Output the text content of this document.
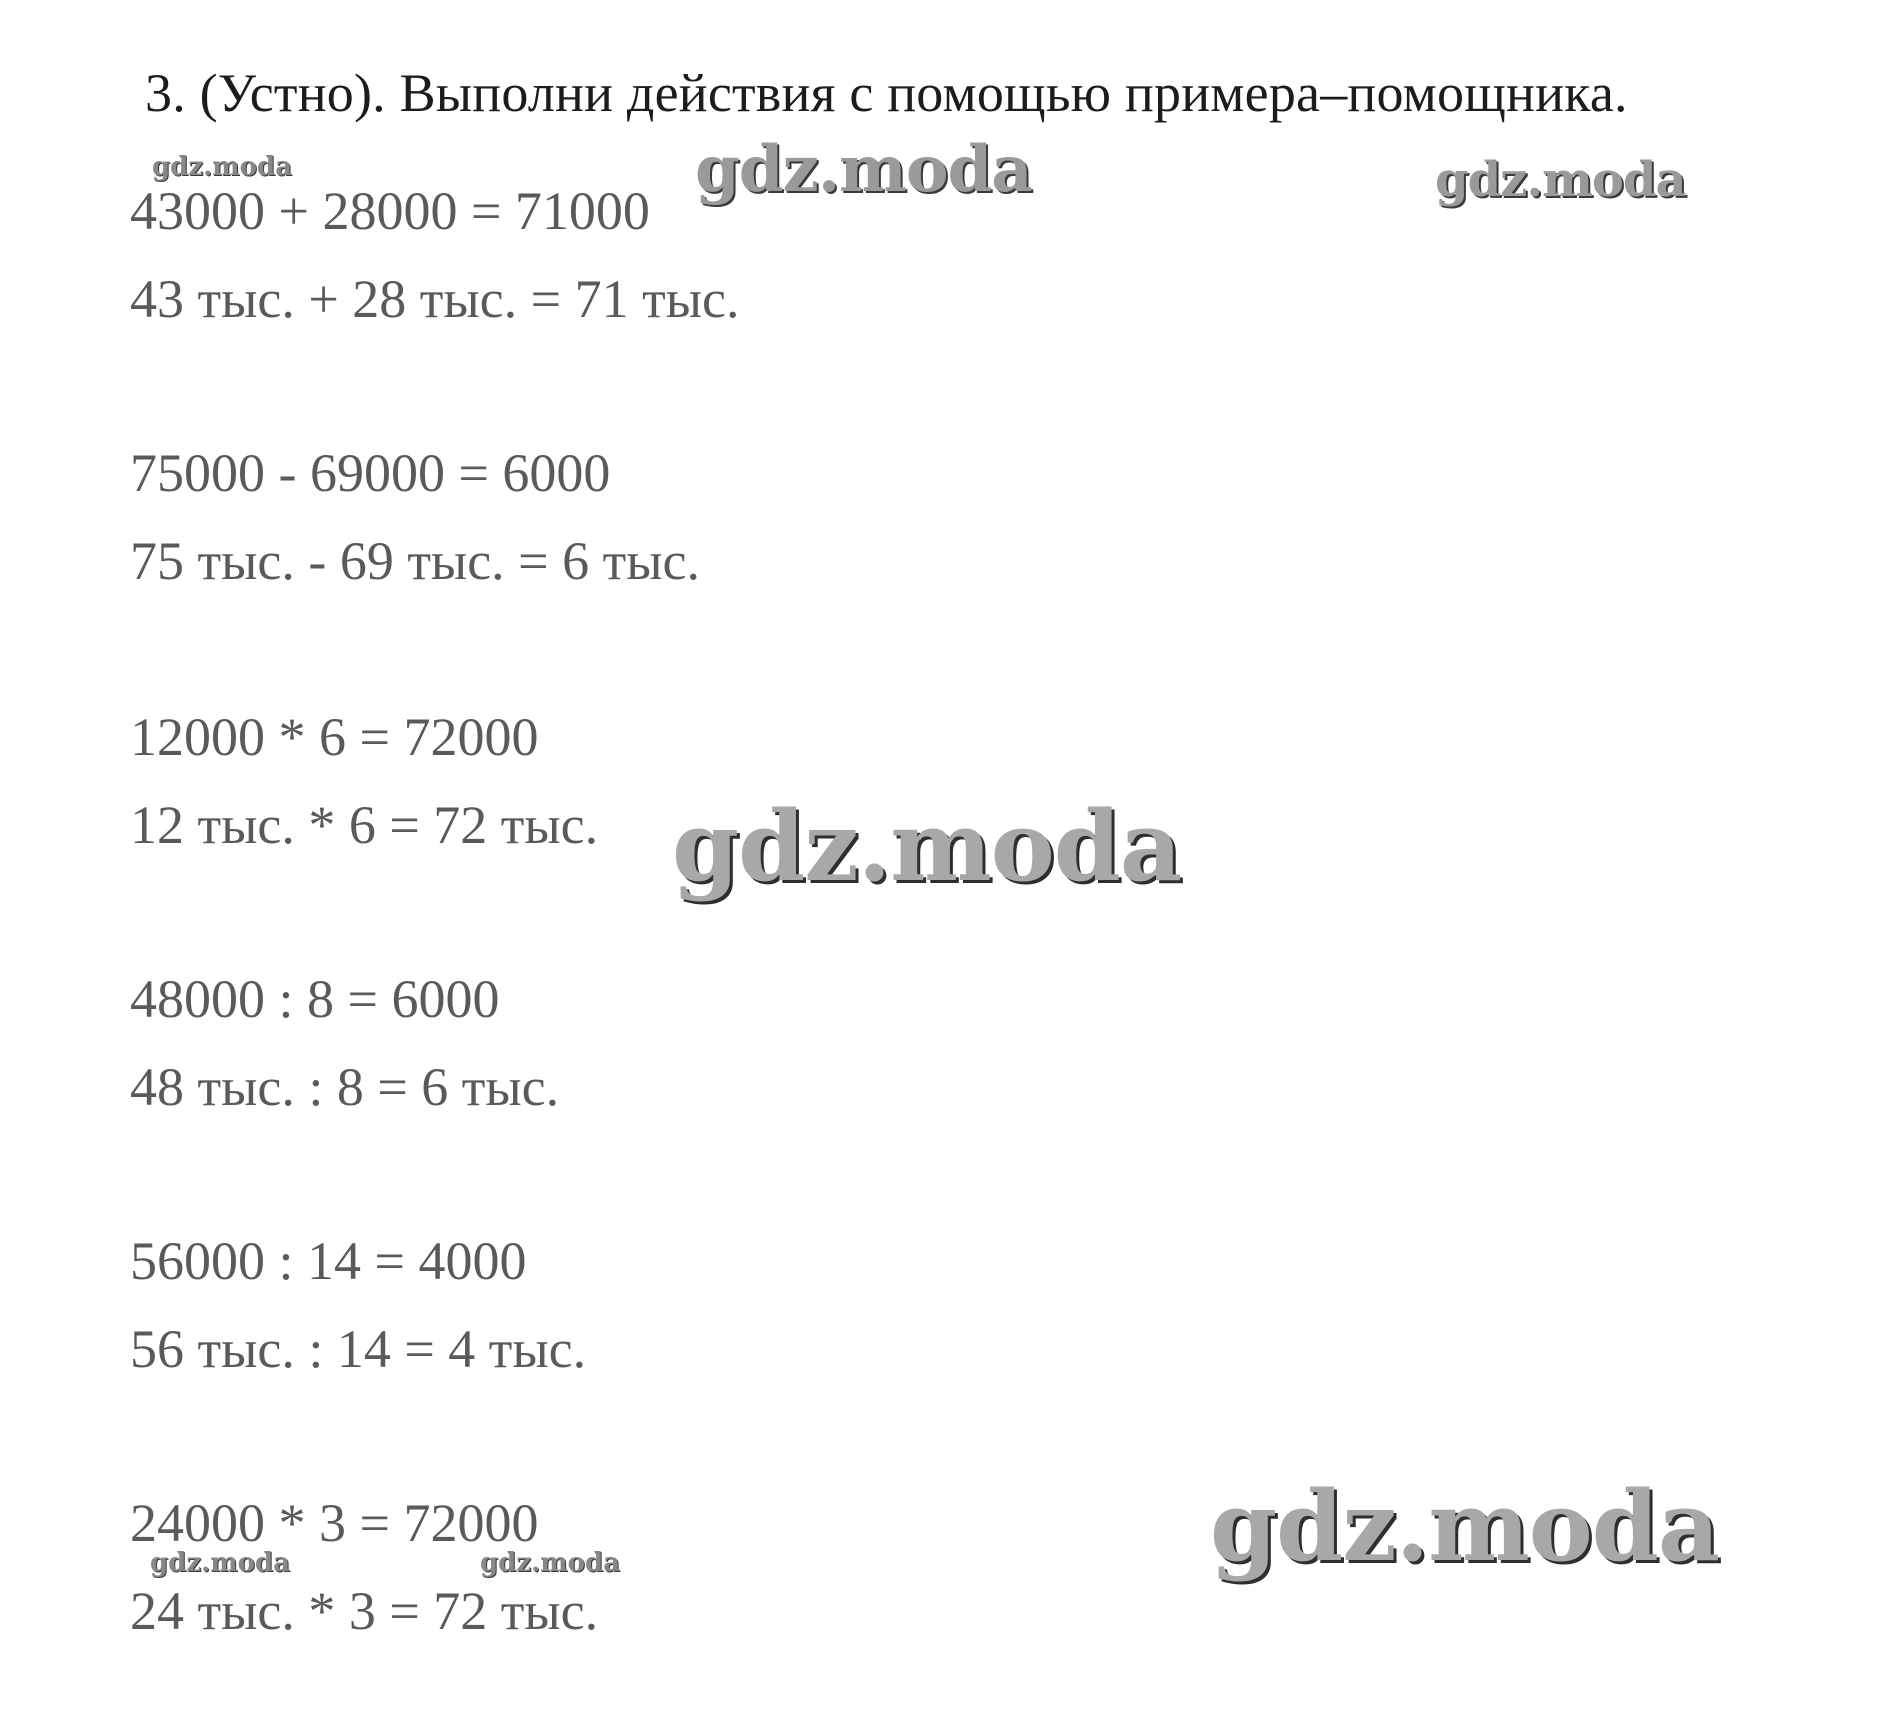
3. (Устно). Выполни действия с помощью примера–помощника.
43000 + 28000 = 71000
43 тыс. + 28 тыс. = 71 тыс.
75000 - 69000 = 6000
75 тыс. - 69 тыс. = 6 тыс.
12000 * 6 = 72000
12 тыс. * 6 = 72 тыс.
48000 : 8 = 6000
48 тыс. : 8 = 6 тыс.
56000 : 14 = 4000
56 тыс. : 14 = 4 тыс.
24000 * 3 = 72000
24 тыс. * 3 = 72 тыс.
gdz.moda	gdz.moda	gdz.moda
gdz.moda
gdz.moda	gdz.moda	gdz.moda
